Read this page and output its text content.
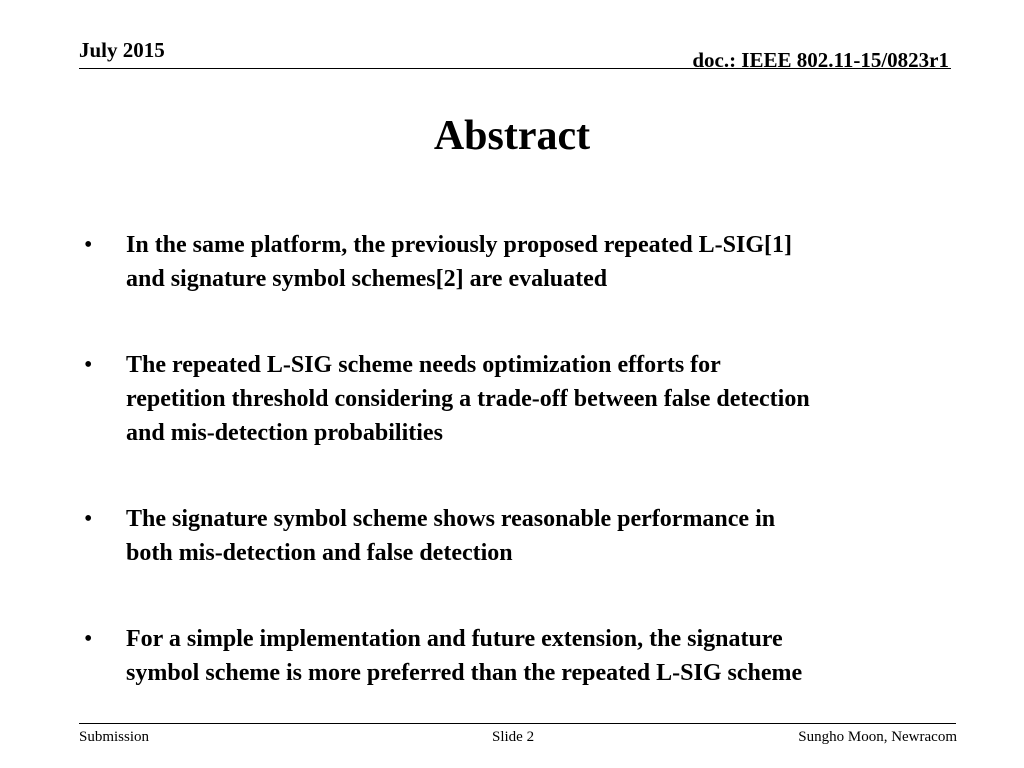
July 2015	doc.: IEEE 802.11-15/0823r1
Abstract
• In the same platform, the previously proposed repeated L-SIG[1]
and signature symbol schemes[2] are evaluated
• The repeated L-SIG scheme needs optimization efforts for
repetition threshold considering a trade-off between false detection
and mis-detection probabilities
• The signature symbol scheme shows reasonable performance in
both mis-detection and false detection
• For a simple implementation and future extension, the signature
symbol scheme is more preferred than the repeated L-SIG scheme
Submission	Slide 2	Sungho Moon, Newracom
